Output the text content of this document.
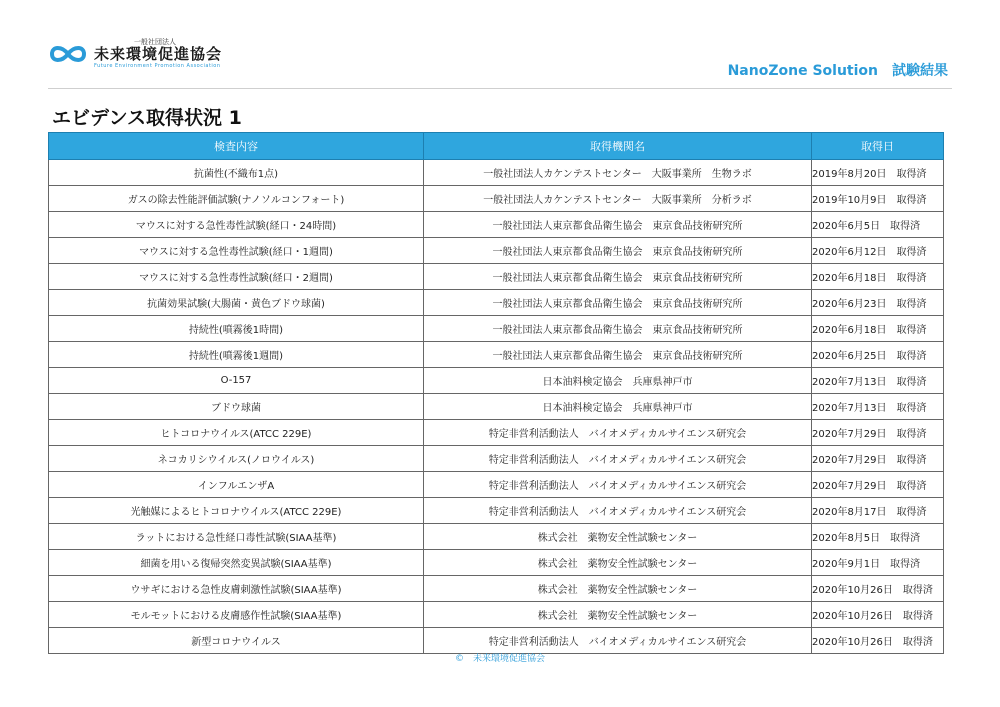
一般社団法人
未来環境促進協会
Future Environment Promotion Association	NanoZone Solution　試験結果
エビデンス取得状況 1
検査内容	取得機関名	取得日
抗菌性(不織布1点)	一般社団法人カケンテストセンター　大阪事業所　生物ラボ	2019年8月20日　取得済
ガスの除去性能評価試験(ナノソルコンフォート)	一般社団法人カケンテストセンター　大阪事業所　分析ラボ	2019年10月9日　取得済
マウスに対する急性毒性試験(経口・24時間)	一般社団法人東京都食品衛生協会　東京食品技術研究所	2020年6月5日　取得済
マウスに対する急性毒性試験(経口・1週間)	一般社団法人東京都食品衛生協会　東京食品技術研究所	2020年6月12日　取得済
マウスに対する急性毒性試験(経口・2週間)	一般社団法人東京都食品衛生協会　東京食品技術研究所	2020年6月18日　取得済
抗菌効果試験(大腸菌・黄色ブドウ球菌)	一般社団法人東京都食品衛生協会　東京食品技術研究所	2020年6月23日　取得済
持続性(噴霧後1時間)	一般社団法人東京都食品衛生協会　東京食品技術研究所	2020年6月18日　取得済
持続性(噴霧後1週間)	一般社団法人東京都食品衛生協会　東京食品技術研究所	2020年6月25日　取得済
O-157	日本油料検定協会　兵庫県神戸市	2020年7月13日　取得済
ブドウ球菌	日本油料検定協会　兵庫県神戸市	2020年7月13日　取得済
ヒトコロナウイルス(ATCC 229E)	特定非営利活動法人　バイオメディカルサイエンス研究会	2020年7月29日　取得済
ネコカリシウイルス(ノロウイルス)	特定非営利活動法人　バイオメディカルサイエンス研究会	2020年7月29日　取得済
インフルエンザA	特定非営利活動法人　バイオメディカルサイエンス研究会	2020年7月29日　取得済
光触媒によるヒトコロナウイルス(ATCC 229E)	特定非営利活動法人　バイオメディカルサイエンス研究会	2020年8月17日　取得済
ラットにおける急性経口毒性試験(SIAA基準)	株式会社　薬物安全性試験センター	2020年8月5日　取得済
細菌を用いる復帰突然変異試験(SIAA基準)	株式会社　薬物安全性試験センター	2020年9月1日　取得済
ウサギにおける急性皮膚刺激性試験(SIAA基準)	株式会社　薬物安全性試験センター	2020年10月26日　取得済
モルモットにおける皮膚感作性試験(SIAA基準)	株式会社　薬物安全性試験センター	2020年10月26日　取得済
新型コロナウイルス	特定非営利活動法人　バイオメディカルサイエンス研究会	2020年10月26日　取得済
©　未来環境促進協会
